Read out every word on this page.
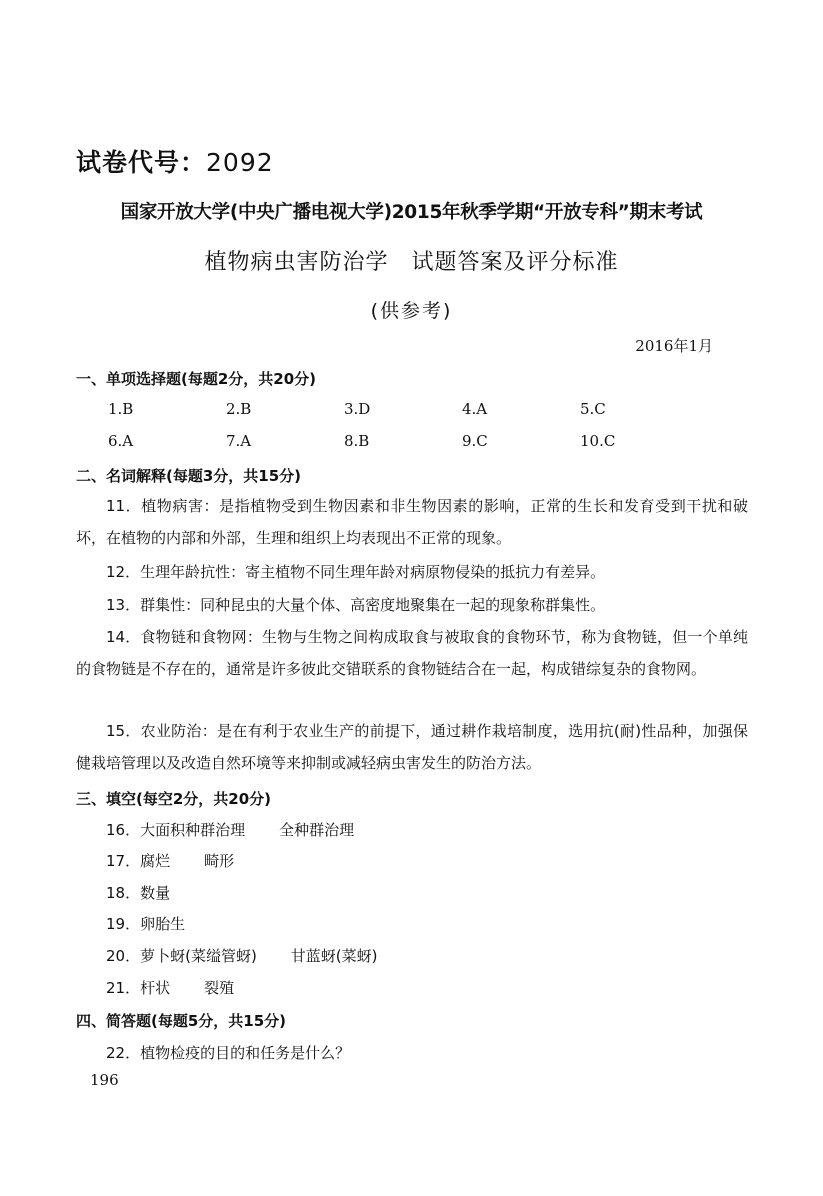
试卷代号：2092
国家开放大学(中央广播电视大学)2015年秋季学期“开放专科”期末考试
植物病虫害防治学　试题答案及评分标准
(供参考)
2016年1月
一、单项选择题(每题2分，共20分)
1.B	2.B	3.D	4.A	5.C
6.A	7.A	8.B	9.C	10.C
二、名词解释(每题3分，共15分)
11．植物病害：是指植物受到生物因素和非生物因素的影响，正常的生长和发育受到干扰和破坏，在植物的内部和外部，生理和组织上均表现出不正常的现象。
12．生理年龄抗性：寄主植物不同生理年龄对病原物侵染的抵抗力有差异。
13．群集性：同种昆虫的大量个体、高密度地聚集在一起的现象称群集性。
14．食物链和食物网：生物与生物之间构成取食与被取食的食物环节，称为食物链，但一个单纯的食物链是不存在的，通常是许多彼此交错联系的食物链结合在一起，构成错综复杂的食物网。
15．农业防治：是在有利于农业生产的前提下，通过耕作栽培制度，选用抗(耐)性品种，加强保健栽培管理以及改造自然环境等来抑制或减轻病虫害发生的防治方法。
三、填空(每空2分，共20分)
16．大面积种群治理 全种群治理
17．腐烂 畸形
18．数量
19．卵胎生
20．萝卜蚜(菜缢管蚜) 甘蓝蚜(菜蚜)
21．杆状 裂殖
四、简答题(每题5分，共15分)
22．植物检疫的目的和任务是什么？
196
